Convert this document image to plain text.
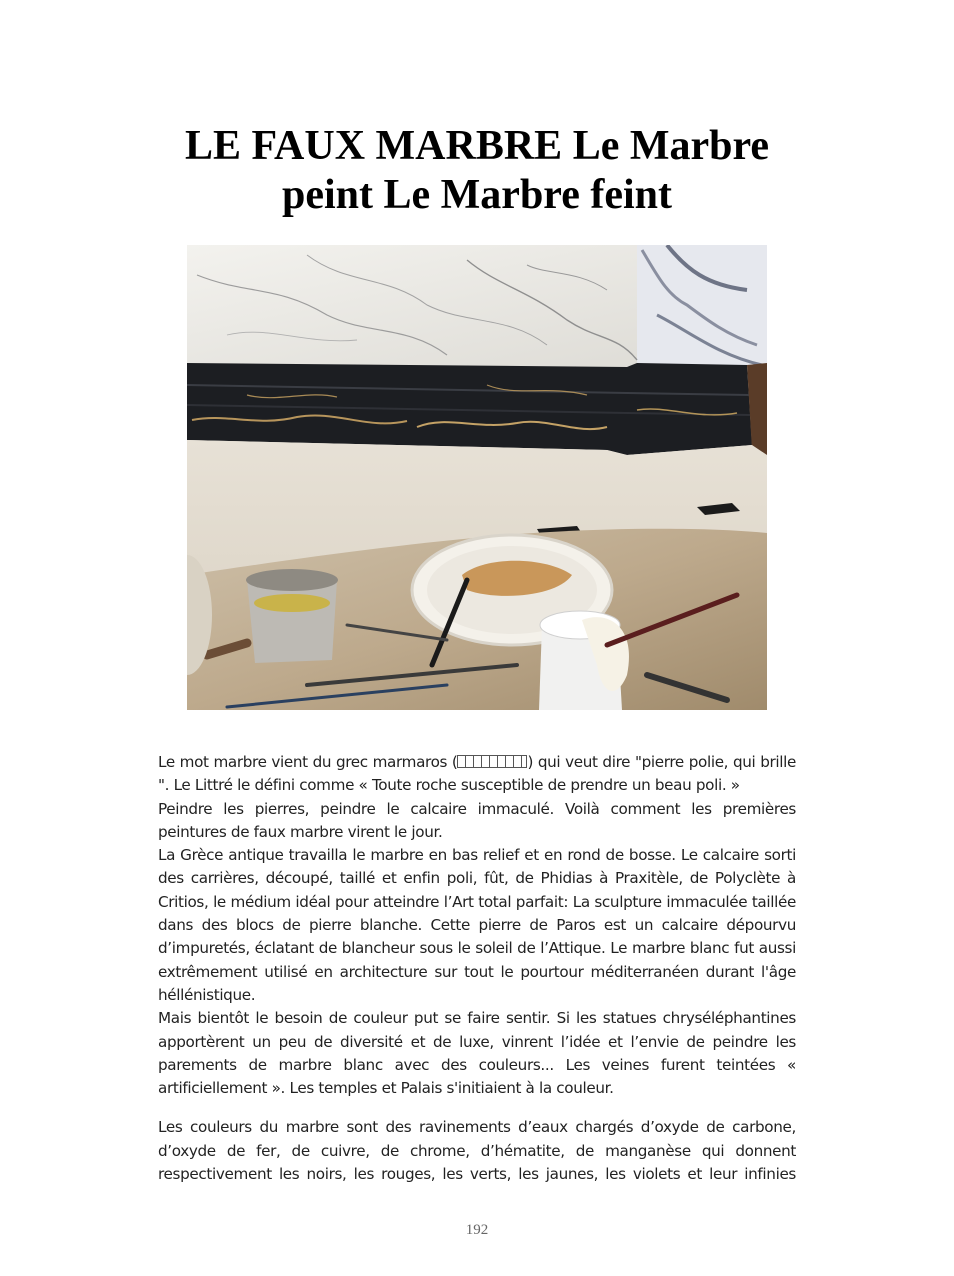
LE FAUX MARBRE Le Marbre
peint Le Marbre feint

Le mot marbre vient du grec marmaros (	) qui veut dire "pierre polie, qui brille ". Le Littré le défini comme « Toute roche susceptible de prendre un beau poli. »

Peindre les pierres, peindre le calcaire immaculé. Voilà comment les premières peintures de faux marbre virent le jour.

La Grèce antique travailla le marbre en bas relief et en rond de bosse. Le calcaire sorti des carrières, découpé, taillé et enfin poli, fût, de Phidias à Praxitèle, de Polyclète à Critios, le médium idéal pour atteindre l’Art total parfait: La sculpture immaculée taillée dans des blocs de pierre blanche. Cette pierre de Paros est un calcaire dépourvu d’impuretés, éclatant de blancheur sous le soleil de l’Attique. Le marbre blanc fut aussi extrêmement utilisé en architecture sur tout le pourtour méditerranéen durant l'âge héllénistique.

Mais bientôt le besoin de couleur put se faire sentir. Si les statues chryséléphantines apportèrent un peu de diversité et de luxe, vinrent l’idée et l’envie de peindre les parements de marbre blanc avec des couleurs... Les veines furent teintées « artificiellement ». Les temples et Palais s'initiaient à la couleur.

Les couleurs du marbre sont des ravinements d’eaux chargés d’oxyde de carbone, d’oxyde de fer, de cuivre, de chrome, d’hématite, de manganèse qui donnent respectivement les noirs, les rouges, les verts, les jaunes, les violets et leur infinies

192
